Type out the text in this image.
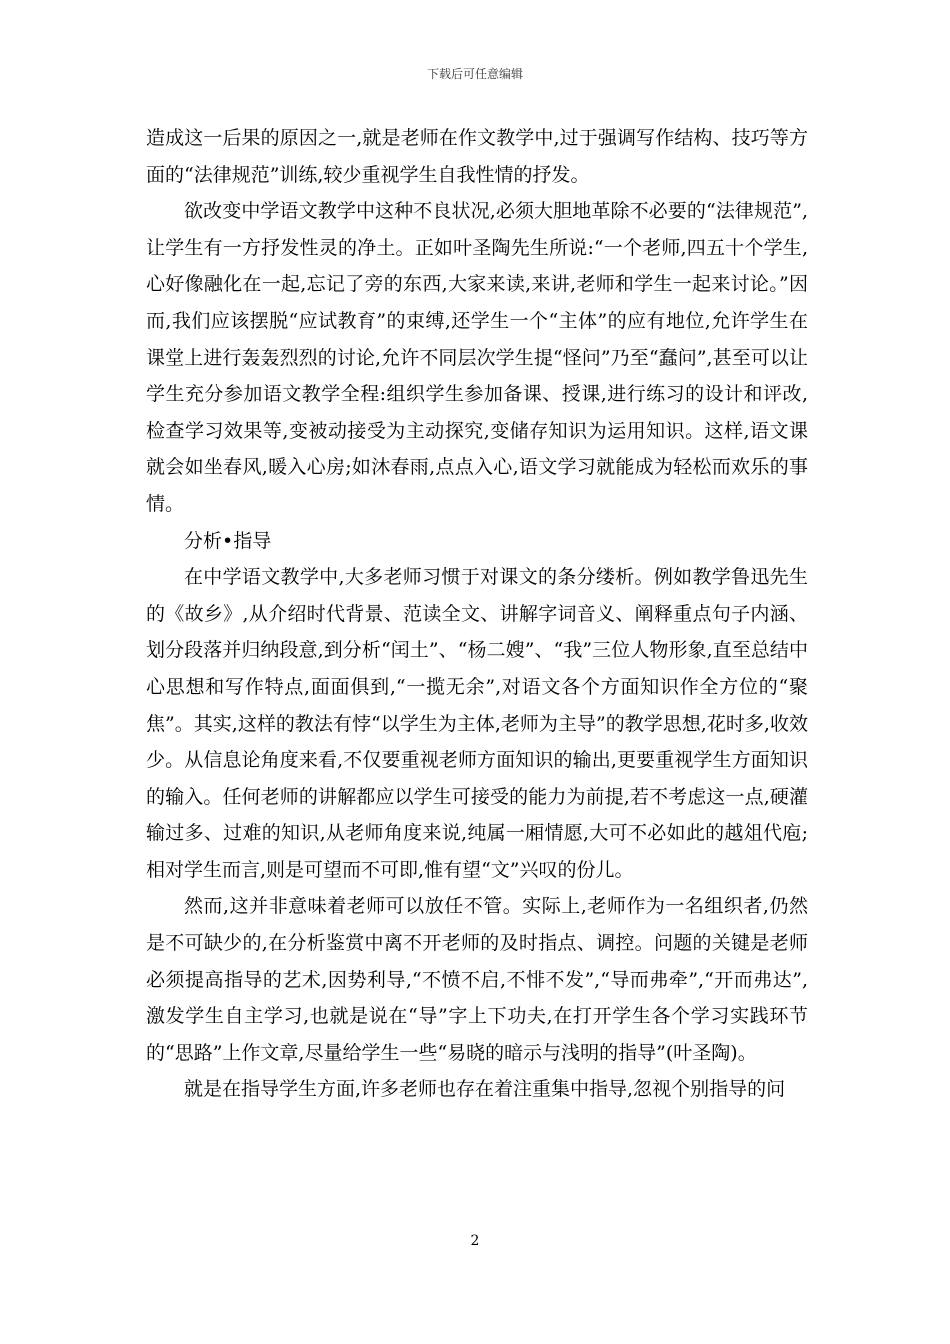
下载后可任意编辑

造成这一后果的原因之一,就是老师在作文教学中,过于强调写作结构、技巧等方面的“法律规范”训练,较少重视学生自我性情的抒发。

欲改变中学语文教学中这种不良状况,必须大胆地革除不必要的“法律规范”,让学生有一方抒发性灵的净土。正如叶圣陶先生所说:“一个老师,四五十个学生,心好像融化在一起,忘记了旁的东西,大家来读,来讲,老师和学生一起来讨论。”因而,我们应该摆脱“应试教育”的束缚,还学生一个“主体”的应有地位,允许学生在课堂上进行轰轰烈烈的讨论,允许不同层次学生提“怪问”乃至“蠢问”,甚至可以让学生充分参加语文教学全程:组织学生参加备课、授课,进行练习的设计和评改,检查学习效果等,变被动接受为主动探究,变储存知识为运用知识。这样,语文课就会如坐春风,暖入心房;如沐春雨,点点入心,语文学习就能成为轻松而欢乐的事情。

分析•指导

在中学语文教学中,大多老师习惯于对课文的条分缕析。例如教学鲁迅先生的《故乡》,从介绍时代背景、范读全文、讲解字词音义、阐释重点句子内涵、划分段落并归纳段意,到分析“闰土”、“杨二嫂”、“我”三位人物形象,直至总结中心思想和写作特点,面面俱到,“一揽无余”,对语文各个方面知识作全方位的“聚焦”。其实,这样的教法有悖“以学生为主体,老师为主导”的教学思想,花时多,收效少。从信息论角度来看,不仅要重视老师方面知识的输出,更要重视学生方面知识的输入。任何老师的讲解都应以学生可接受的能力为前提,若不考虑这一点,硬灌输过多、过难的知识,从老师角度来说,纯属一厢情愿,大可不必如此的越俎代庖;相对学生而言,则是可望而不可即,惟有望“文”兴叹的份儿。

然而,这并非意味着老师可以放任不管。实际上,老师作为一名组织者,仍然是不可缺少的,在分析鉴赏中离不开老师的及时指点、调控。问题的关键是老师必须提高指导的艺术,因势利导,“不愤不启,不悱不发”,“导而弗牵”,“开而弗达”,激发学生自主学习,也就是说在“导”字上下功夫,在打开学生各个学习实践环节的“思路”上作文章,尽量给学生一些“易晓的暗示与浅明的指导”(叶圣陶)。

就是在指导学生方面,许多老师也存在着注重集中指导,忽视个别指导的问

2
